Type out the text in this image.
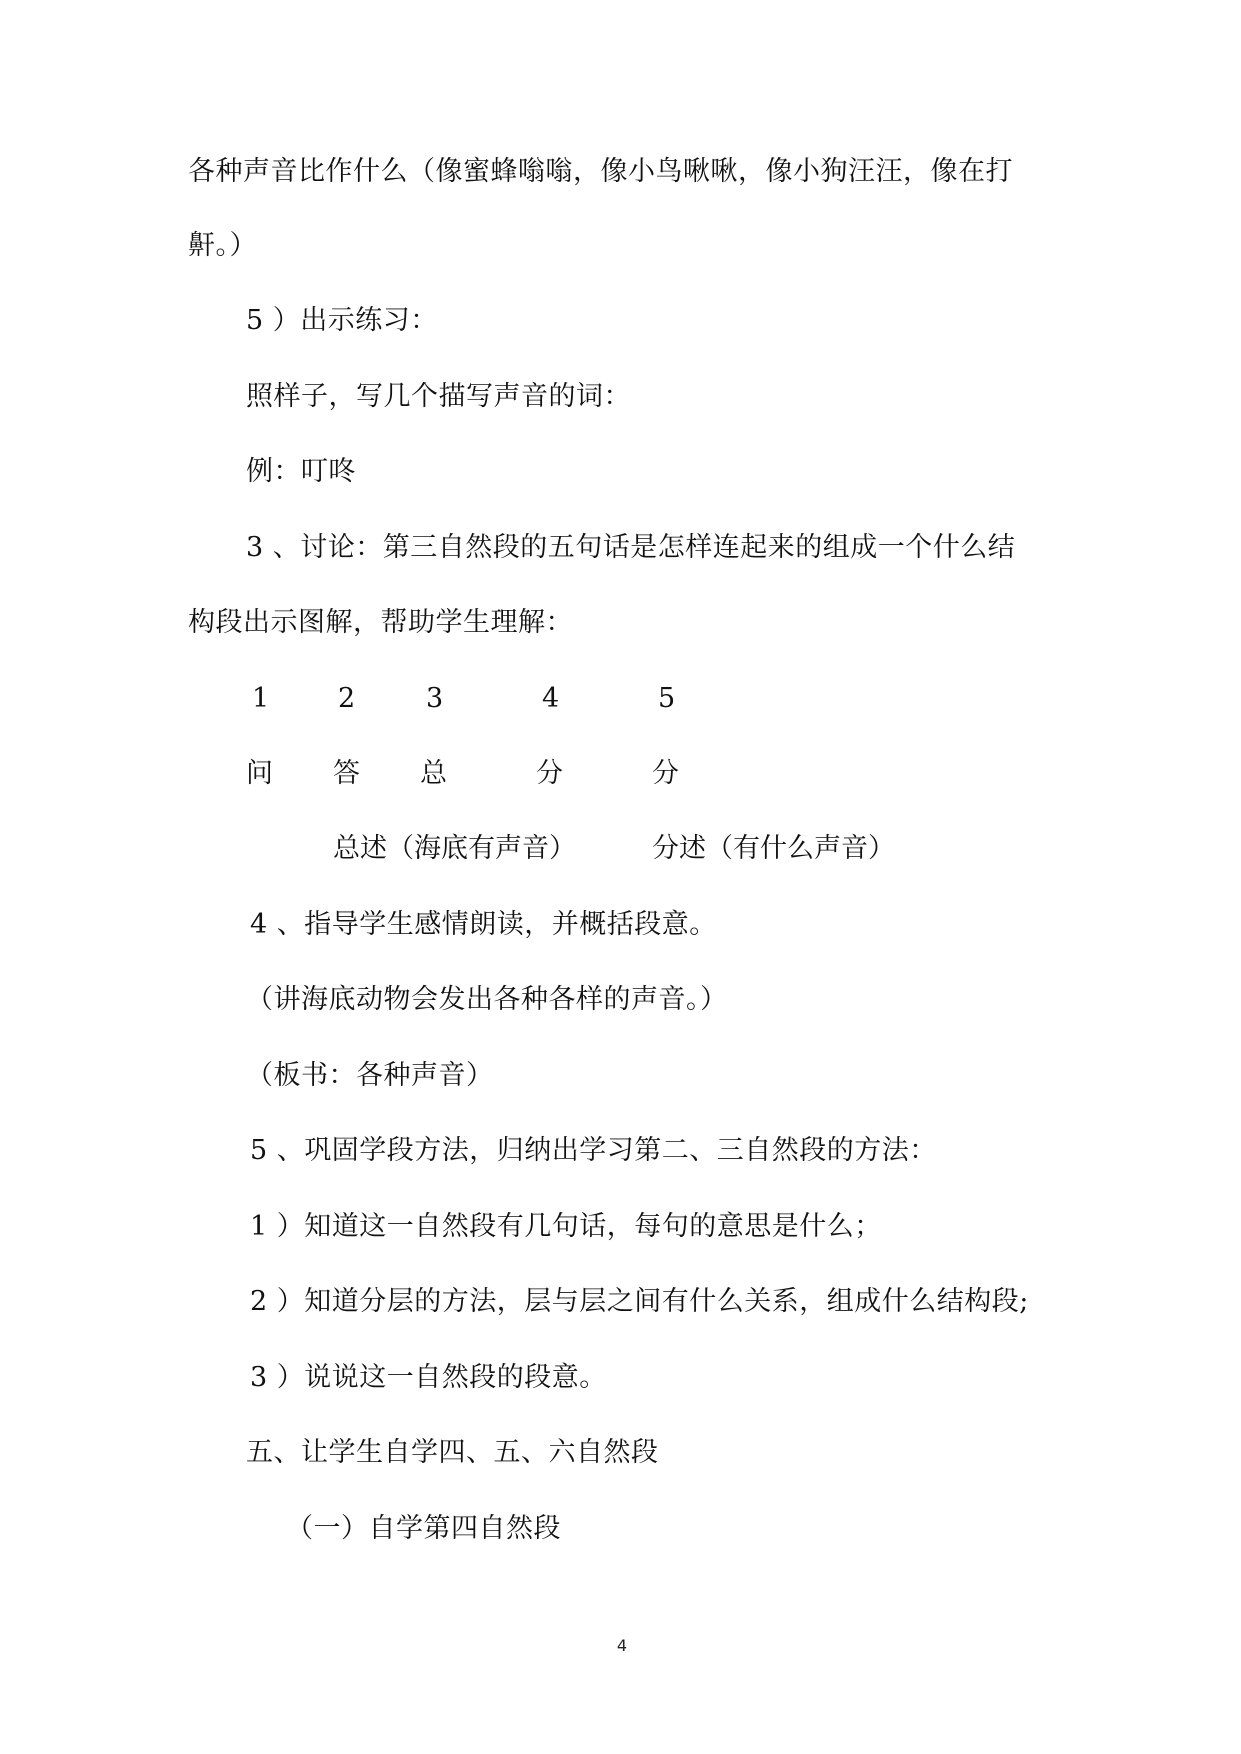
各种声音比作什么（像蜜蜂嗡嗡，像小鸟啾啾，像小狗汪汪，像在打
鼾。）
5 ）出示练习：
照样子，写几个描写声音的词：
例：叮咚
3 、讨论：第三自然段的五句话是怎样连起来的组成一个什么结
构段出示图解，帮助学生理解：
1	2	3	4	5
问 答 总	分	分
总述（海底有声音）	分述（有什么声音）
4 、指导学生感情朗读，并概括段意。
（讲海底动物会发出各种各样的声音。）
（板书：各种声音）
5 、巩固学段方法，归纳出学习第二、三自然段的方法：
1 ）知道这一自然段有几句话，每句的意思是什么；
2 ）知道分层的方法，层与层之间有什么关系，组成什么结构段;
3 ）说说这一自然段的段意。
五、让学生自学四、五、六自然段
（一）自学第四自然段
4
